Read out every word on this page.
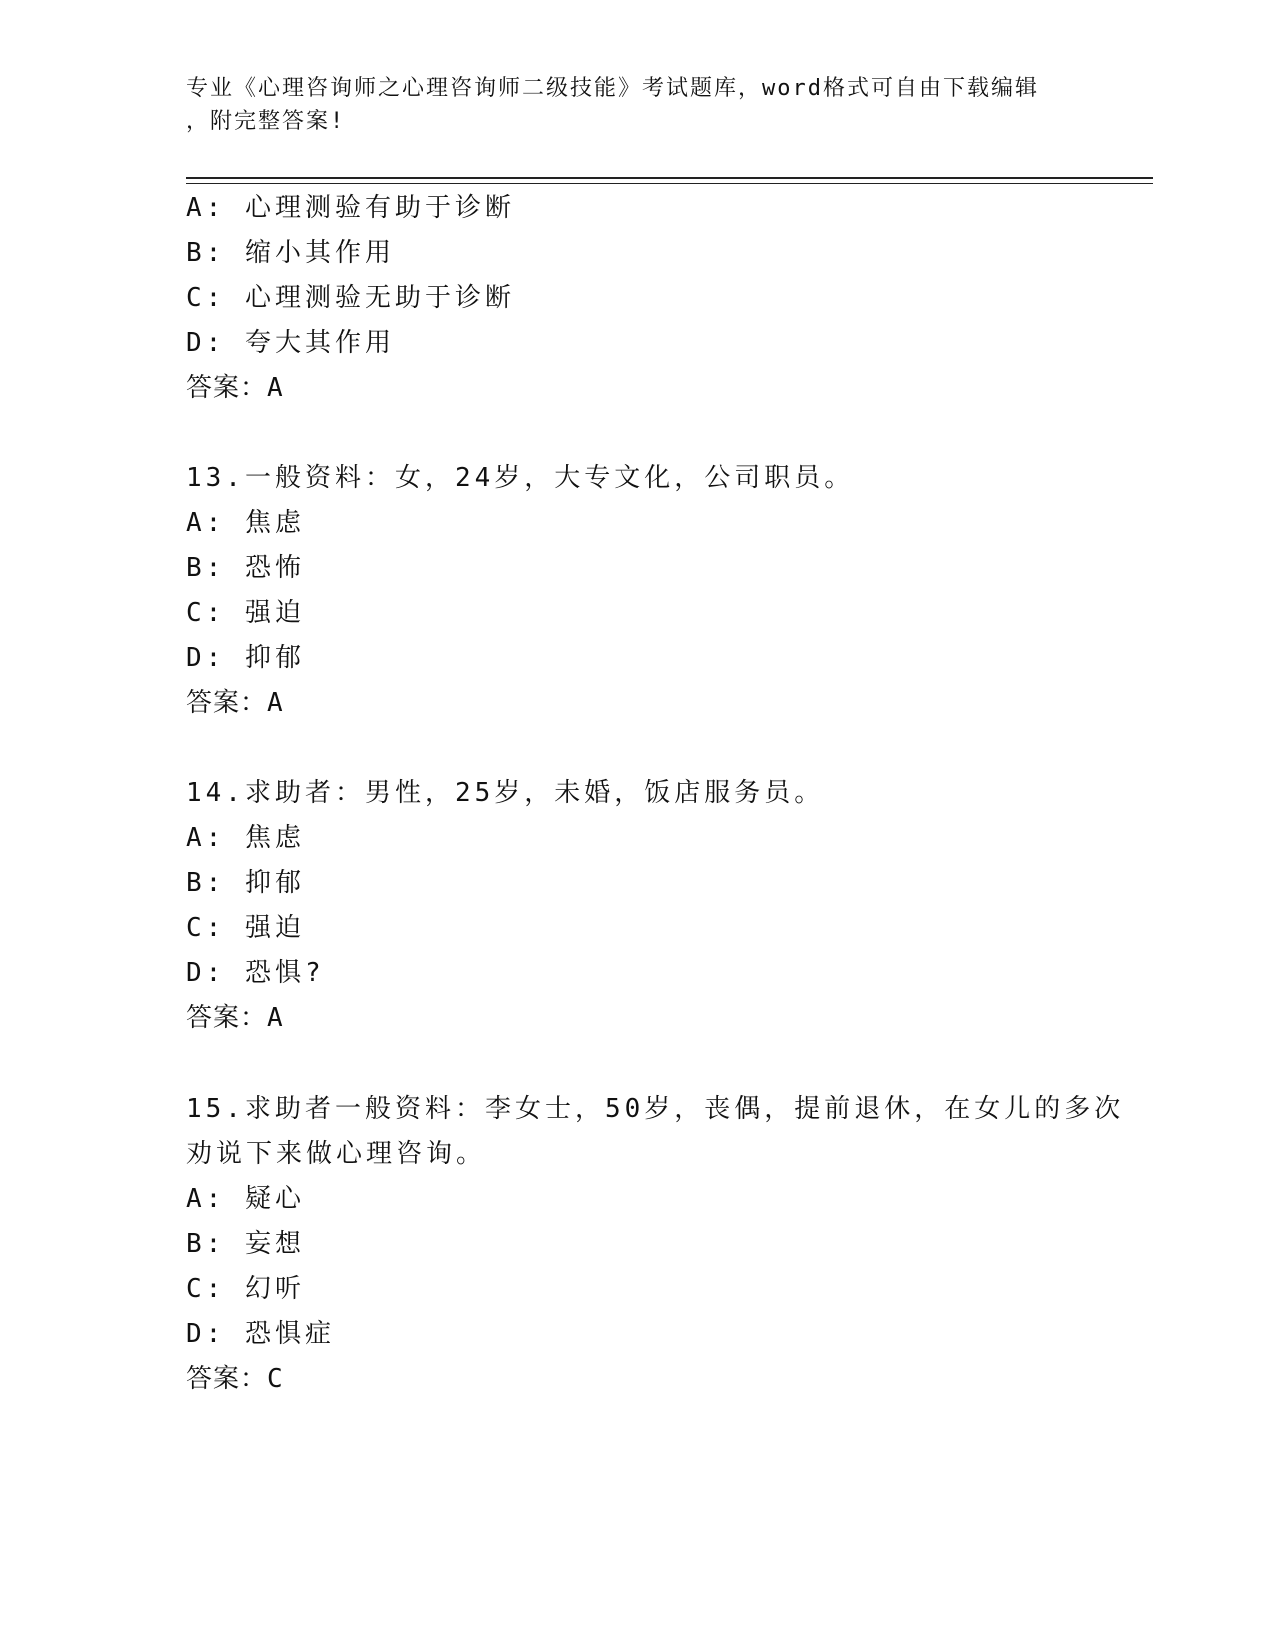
专业《心理咨询师之心理咨询师二级技能》考试题库，word格式可自由下载编辑
，附完整答案!
A: 心理测验有助于诊断
B: 缩小其作用
C: 心理测验无助于诊断
D: 夸大其作用
答案：A
13.一般资料：女，24岁，大专文化，公司职员。
A: 焦虑
B: 恐怖
C: 强迫
D: 抑郁
答案：A
14.求助者：男性，25岁，未婚，饭店服务员。
A: 焦虑
B: 抑郁
C: 强迫
D: 恐惧?
答案：A
15.求助者一般资料：李女士，50岁，丧偶，提前退休，在女儿的多次
劝说下来做心理咨询。
A: 疑心
B: 妄想
C: 幻听
D: 恐惧症
答案：C
